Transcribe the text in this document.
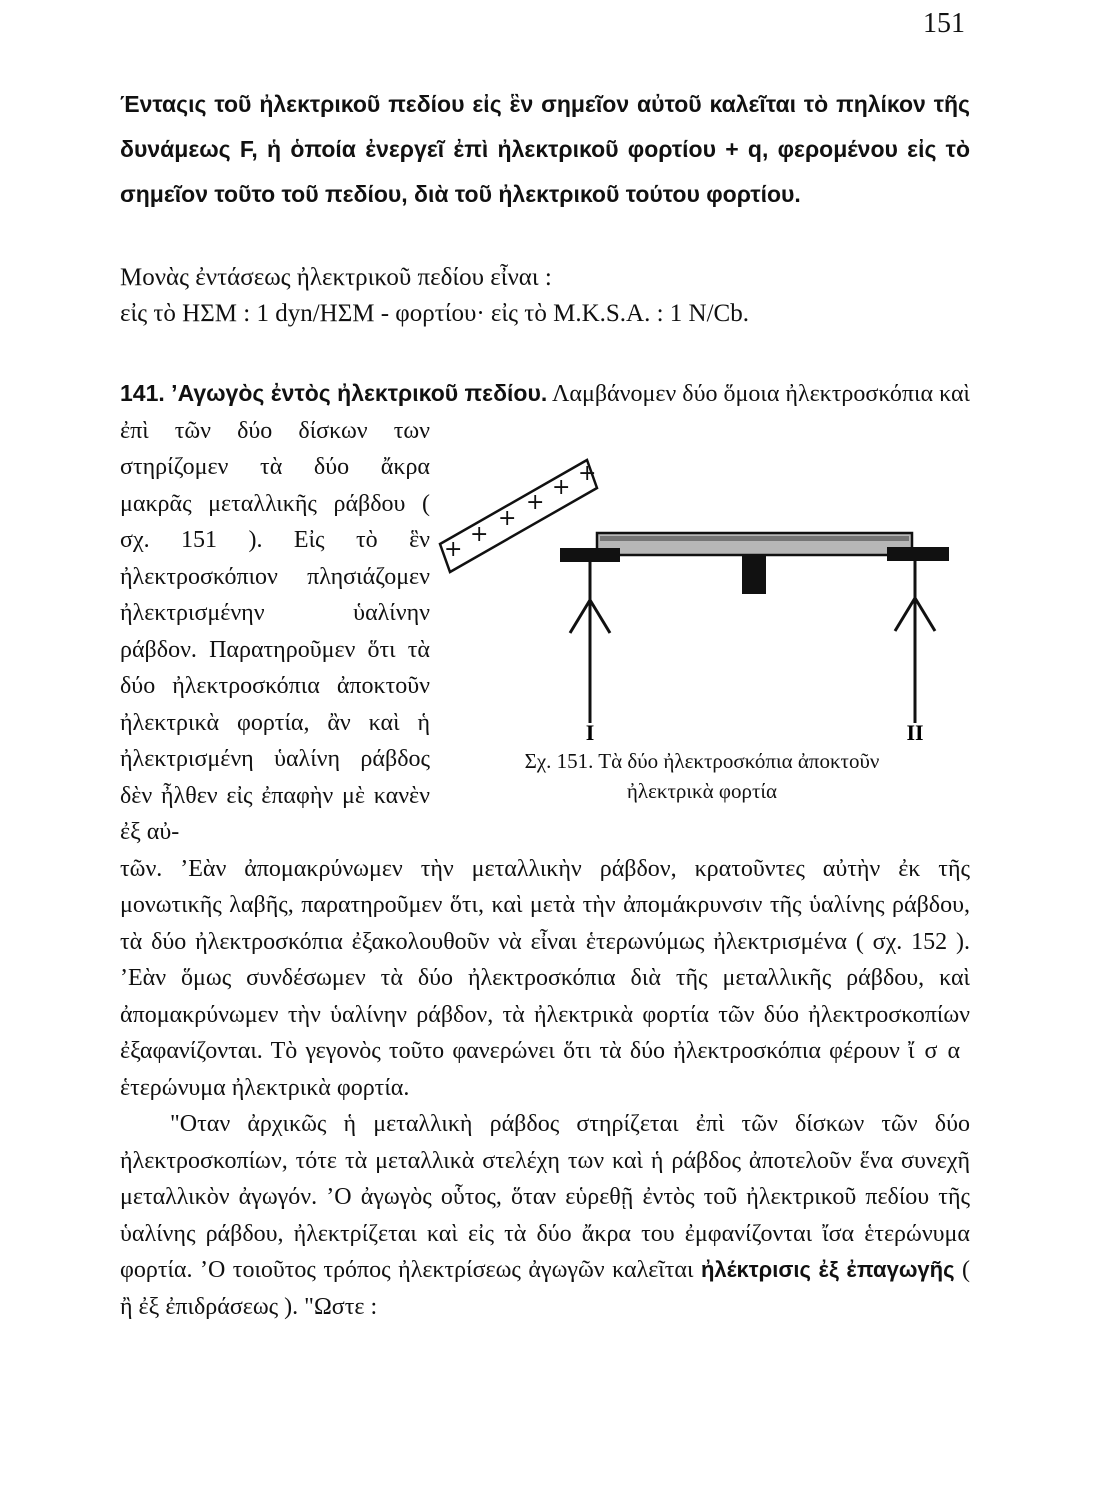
151
Ένταςις τοῦ ἠλεκτρικοῦ πεδίου εἰς ἓν σημεῖον αὐτοῦ καλεῖται τὸ πηλίκον τῆς δυνάμεως F, ἡ ὁποία ἐνεργεῖ ἐπὶ ἠλεκτρικοῦ φορτίου + q, φερομένου εἰς τὸ σημεῖον τοῦτο τοῦ πεδίου, διὰ τοῦ ἠλεκτρικοῦ τούτου φορτίου.
Μονὰς ἐντάσεως ἠλεκτρικοῦ πεδίου εἶναι :
εἰς τὸ ΗΣΜ : 1 dyn/ΗΣΜ - φορτίου· εἰς τὸ M.K.S.A. : 1 N/Cb.
+
+
+
+
+
+
I	II
Σχ. 151. Τὰ δύο ἠλεκτροσκόπια ἀποκτοῦν
ἠλεκτρικὰ φορτία
141. ’Αγωγὸς ἐντὸς ἠλεκτρικοῦ πεδίου. Λαμβάνομεν δύο ὅμοια ἠλεκτροσκόπια καὶ ἐπὶ τῶν δύο δίσκων των στηρίζομεν τὰ δύο ἄκρα μακρᾶς μεταλλικῆς ράβδου ( σχ. 151 ). Εἰς τὸ ἓν ἠλεκτροσκόπιον πλησιάζομεν ἠλεκτρισμένην ὑαλίνην ράβδον. Παρατηροῦμεν ὅτι τὰ δύο ἠλεκτροσκόπια ἀποκτοῦν ἠλεκτρικὰ φορτία, ἂν καὶ ἡ ἠλεκτρισμένη ὑαλίνη ράβδος δὲν ἦλθεν εἰς ἐπαφὴν μὲ κανὲν ἐξ αὐ-
τῶν. ’Εὰν ἀπομακρύνωμεν τὴν μεταλλικὴν ράβδον, κρατοῦντες αὐτὴν ἐκ τῆς μονωτικῆς λαβῆς, παρατηροῦμεν ὅτι, καὶ μετὰ τὴν ἀπομάκρυνσιν τῆς ὑαλίνης ράβδου, τὰ δύο ἠλεκτροσκόπια ἐξακολουθοῦν νὰ εἶναι ἑτερωνύμως ἠλεκτρισμένα ( σχ. 152 ). ’Εὰν ὅμως συνδέσωμεν τὰ δύο ἠλεκτροσκόπια διὰ τῆς μεταλλικῆς ράβδου, καὶ ἀπομακρύνωμεν τὴν ὑαλίνην ράβδον, τὰ ἠλεκτρικὰ φορτία τῶν δύο ἠλεκτροσκοπίων ἐξαφανίζονται. Τὸ γεγονὸς τοῦτο φανερώνει ὅτι τὰ δύο ἠλεκτροσκόπια φέρουν ἴσα ἑτερώνυμα ἠλεκτρικὰ φορτία.
"Οταν ἀρχικῶς ἡ μεταλλικὴ ράβδος στηρίζεται ἐπὶ τῶν δίσκων τῶν δύο ἠλεκτροσκοπίων, τότε τὰ μεταλλικὰ στελέχη των καὶ ἡ ράβδος ἀποτελοῦν ἕνα συνεχῆ μεταλλικὸν ἀγωγόν. ’Ο ἀγωγὸς οὗτος, ὅταν εὑρεθῇ ἐντὸς τοῦ ἠλεκτρικοῦ πεδίου τῆς ὑαλίνης ράβδου, ἠλεκτρίζεται καὶ εἰς τὰ δύο ἄκρα του ἐμφανίζονται ἴσα ἑτερώνυμα φορτία. ’Ο τοιοῦτος τρόπος ἠλεκτρίσεως ἀγωγῶν καλεῖται ἠλέκτρισις ἐξ ἐπαγωγῆς ( ἢ ἐξ ἐπιδράσεως ). "Ωστε :
